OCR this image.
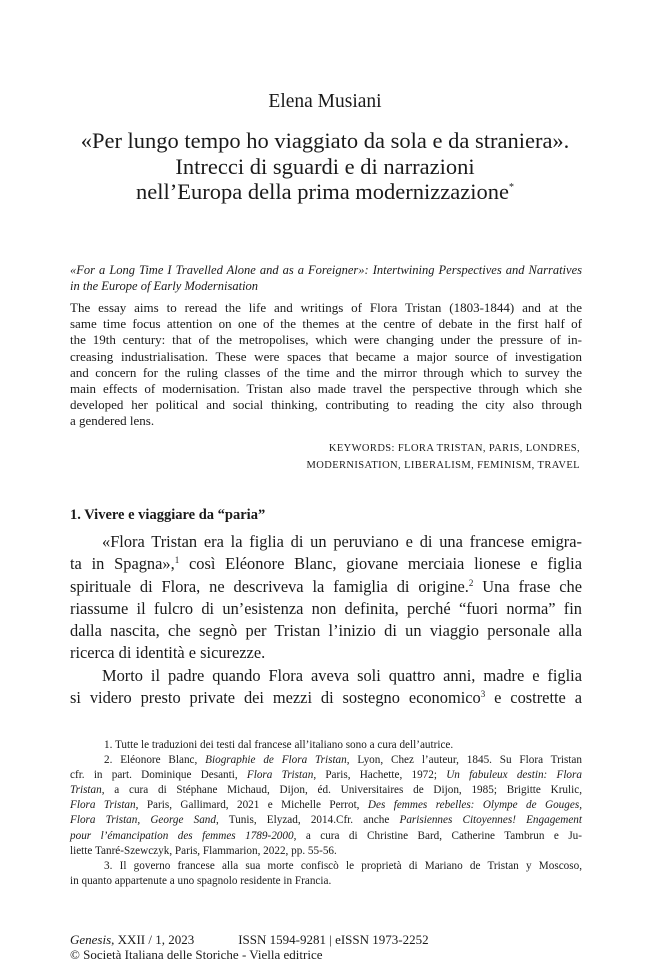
Elena Musiani
«Per lungo tempo ho viaggiato da sola e da straniera».
Intrecci di sguardi e di narrazioni
nell’Europa della prima modernizzazione*
«For a Long Time I Travelled Alone and as a Foreigner»: Intertwining Perspectives and Narratives in the Europe of Early Modernisation
The essay aims to reread the life and writings of Flora Tristan (1803-1844) and at the
same time focus attention on one of the themes at the centre of debate in the first half of
the 19th century: that of the metropolises, which were changing under the pressure of in-
creasing industrialisation. These were spaces that became a major source of investigation
and concern for the ruling classes of the time and the mirror through which to survey the
main effects of modernisation. Tristan also made travel the perspective through which she
developed her political and social thinking, contributing to reading the city also through
a gendered lens.
KEYWORDS: FLORA TRISTAN, PARIS, LONDRES,
MODERNISATION, LIBERALISM, FEMINISM, TRAVEL
1. Vivere e viaggiare da “paria”
«Flora Tristan era la figlia di un peruviano e di una francese emigra-
ta in Spagna»,$^1$ così Eléonore Blanc, giovane merciaia lionese e figlia
spirituale di Flora, ne descriveva la famiglia di origine.$^2$ Una frase che
riassume il fulcro di un’esistenza non definita, perché “fuori norma” fin
dalla nascita, che segnò per Tristan l’inizio di un viaggio personale alla
ricerca di identità e sicurezze.
Morto il padre quando Flora aveva soli quattro anni, madre e figlia
si videro presto private dei mezzi di sostegno economico$^3$ e costrette a
1. Tutte le traduzioni dei testi dal francese all’italiano sono a cura dell’autrice.
2. Eléonore Blanc, Biographie de Flora Tristan, Lyon, Chez l’auteur, 1845. Su Flora Tristan
cfr. in part. Dominique Desanti, Flora Tristan, Paris, Hachette, 1972; Un fabuleux destin: Flora
Tristan, a cura di Stéphane Michaud, Dijon, éd. Universitaires de Dijon, 1985; Brigitte Krulic,
Flora Tristan, Paris, Gallimard, 2021 e Michelle Perrot, Des femmes rebelles: Olympe de Gouges,
Flora Tristan, George Sand, Tunis, Elyzad, 2014.Cfr. anche Parisiennes Citoyennes! Engagement
pour l’émancipation des femmes 1789-2000, a cura di Christine Bard, Catherine Tambrun e Ju-
liette Tanré-Szewczyk, Paris, Flammarion, 2022, pp. 55-56.
3. Il governo francese alla sua morte confiscò le proprietà di Mariano de Tristan y Moscoso,
in quanto appartenute a uno spagnolo residente in Francia.
Genesis , XXII / 1, 2023	ISSN 1594-9281 | eISSN 1973-2252
© Società Italiana delle Storiche - Viella editrice
